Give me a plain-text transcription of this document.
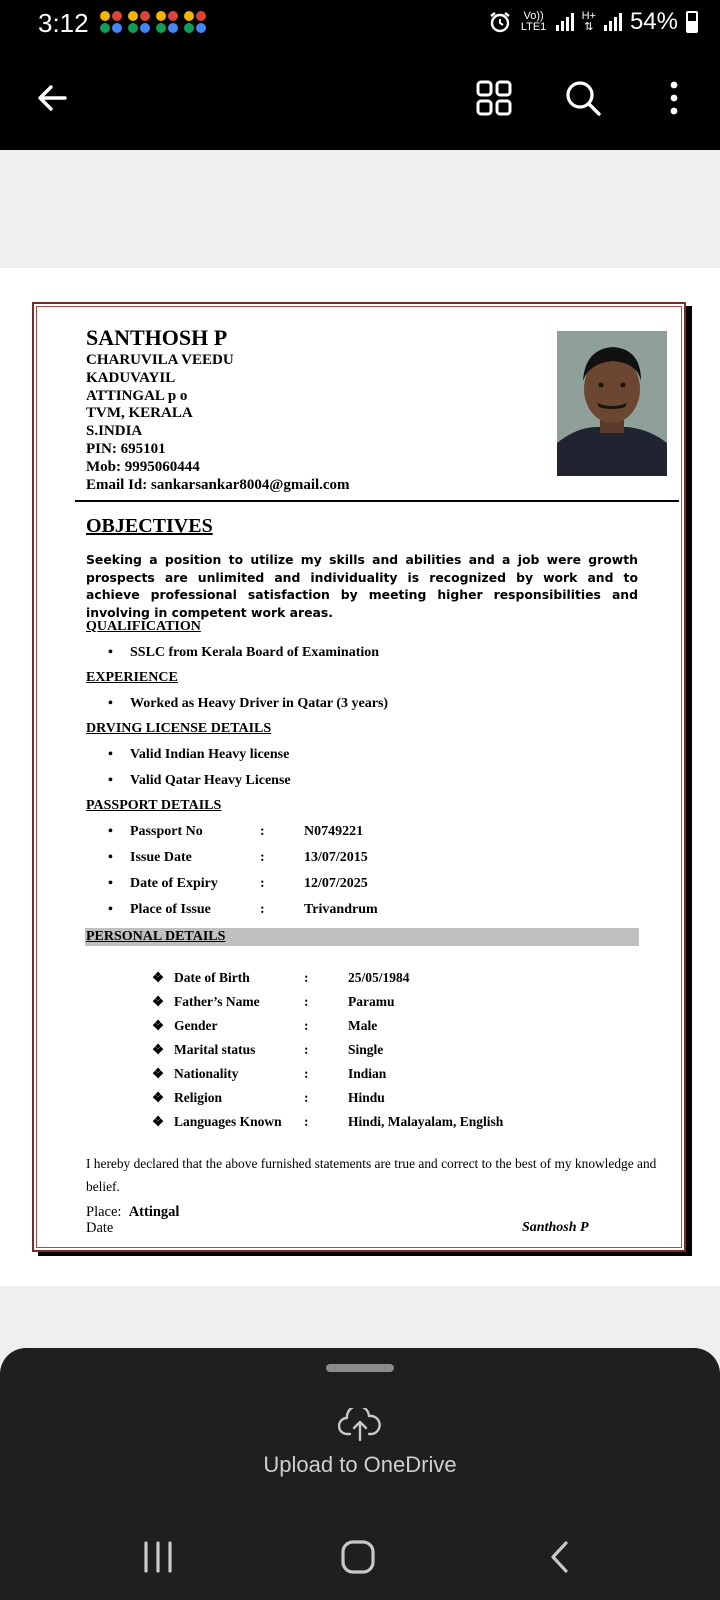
3:12	Vo)) LTE1
H+
⇅ 54%
SANTHOSH P
CHARUVILA VEEDU
KADUVAYIL
ATTINGAL p o
TVM, KERALA
S.INDIA
PIN: 695101
Mob: 9995060444
Email Id: sankarsankar8004@gmail.com
OBJECTIVES
Seeking a position to utilize my skills and abilities and a job were growth prospects are unlimited and individuality is recognized by work and to achieve professional satisfaction by meeting higher responsibilities and involving in competent work areas.
QUALIFICATION
• SSLC from Kerala Board of Examination
EXPERIENCE
• Worked as Heavy Driver in Qatar (3 years)
DRVING LICENSE DETAILS
• Valid Indian Heavy license
• Valid Qatar Heavy License
PASSPORT DETAILS
• Passport No	:	N0749221
• Issue Date	:	13/07/2015
• Date of Expiry	:	12/07/2025
• Place of Issue	:	Trivandrum
PERSONAL DETAILS
❖ Date of Birth	:	25/05/1984
❖ Father’s Name	:	Paramu
❖ Gender	:	Male
❖ Marital status	:	Single
❖ Nationality	:	Indian
❖ Religion	:	Hindu
❖ Languages Known :	Hindi, Malayalam, English
I hereby declared that the above furnished statements are true and correct to the best of my knowledge and belief.
Place: Attingal
Date	Santhosh P
Upload to OneDrive
